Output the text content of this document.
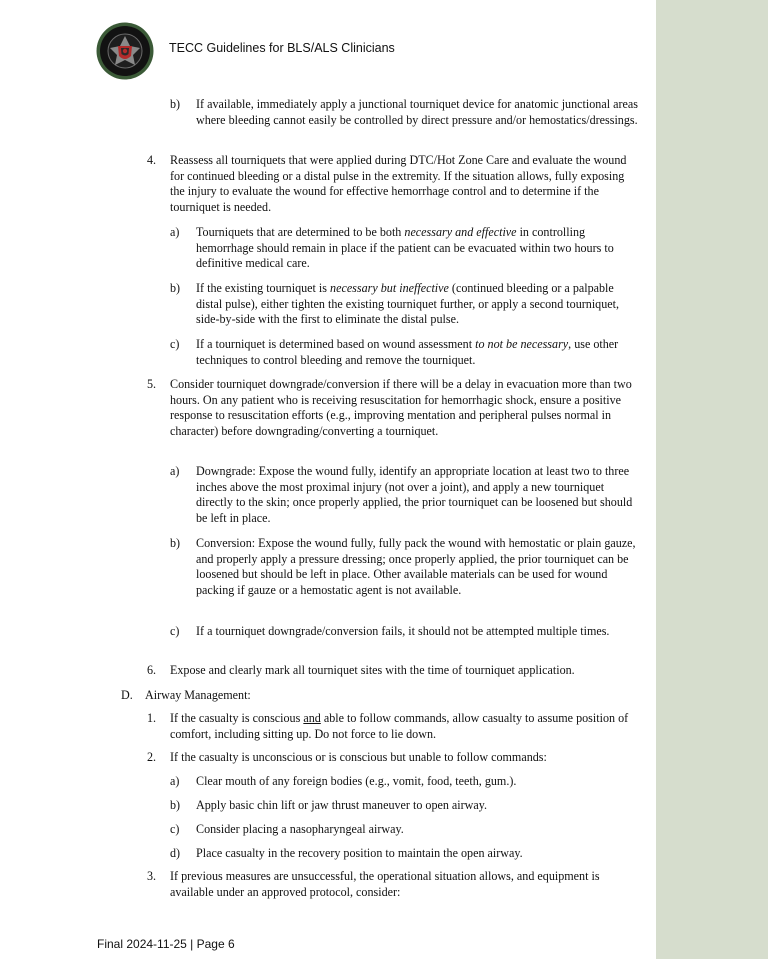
TECC Guidelines for BLS/ALS Clinicians
b) If available, immediately apply a junctional tourniquet device for anatomic junctional areas where bleeding cannot easily be controlled by direct pressure and/or hemostatics/dressings.
4. Reassess all tourniquets that were applied during DTC/Hot Zone Care and evaluate the wound for continued bleeding or a distal pulse in the extremity. If the situation allows, fully exposing the injury to evaluate the wound for effective hemorrhage control and to determine if the tourniquet is needed.
a) Tourniquets that are determined to be both necessary and effective in controlling hemorrhage should remain in place if the patient can be evacuated within two hours to definitive medical care.
b) If the existing tourniquet is necessary but ineffective (continued bleeding or a palpable distal pulse), either tighten the existing tourniquet further, or apply a second tourniquet, side-by-side with the first to eliminate the distal pulse.
c) If a tourniquet is determined based on wound assessment to not be necessary, use other techniques to control bleeding and remove the tourniquet.
5. Consider tourniquet downgrade/conversion if there will be a delay in evacuation more than two hours. On any patient who is receiving resuscitation for hemorrhagic shock, ensure a positive response to resuscitation efforts (e.g., improving mentation and peripheral pulses normal in character) before downgrading/converting a tourniquet.
a) Downgrade: Expose the wound fully, identify an appropriate location at least two to three inches above the most proximal injury (not over a joint), and apply a new tourniquet directly to the skin; once properly applied, the prior tourniquet can be loosened but should be left in place.
b) Conversion: Expose the wound fully, fully pack the wound with hemostatic or plain gauze, and properly apply a pressure dressing; once properly applied, the prior tourniquet can be loosened but should be left in place. Other available materials can be used for wound packing if gauze or a hemostatic agent is not available.
c) If a tourniquet downgrade/conversion fails, it should not be attempted multiple times.
6. Expose and clearly mark all tourniquet sites with the time of tourniquet application.
D. Airway Management:
1. If the casualty is conscious and able to follow commands, allow casualty to assume position of comfort, including sitting up. Do not force to lie down.
2. If the casualty is unconscious or is conscious but unable to follow commands:
a) Clear mouth of any foreign bodies (e.g., vomit, food, teeth, gum.).
b) Apply basic chin lift or jaw thrust maneuver to open airway.
c) Consider placing a nasopharyngeal airway.
d) Place casualty in the recovery position to maintain the open airway.
3. If previous measures are unsuccessful, the operational situation allows, and equipment is available under an approved protocol, consider:
Final 2024-11-25 | Page 6
